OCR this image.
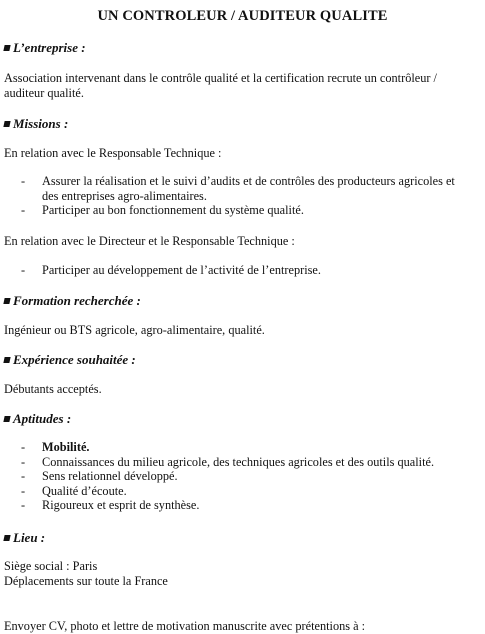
UN CONTROLEUR / AUDITEUR QUALITE
L’entreprise :
Association intervenant dans le contrôle qualité et la certification recrute un contrôleur /
auditeur qualité.
Missions :
En relation avec le Responsable Technique :
- Assurer la réalisation et le suivi d’audits et de contrôles des producteurs agricoles et
des entreprises agro-alimentaires.
- Participer au bon fonctionnement du système qualité.
En relation avec le Directeur et le Responsable Technique :
- Participer au développement de l’activité de l’entreprise.
Formation recherchée :
Ingénieur ou BTS agricole, agro-alimentaire, qualité.
Expérience souhaitée :
Débutants acceptés.
Aptitudes :
- Mobilité.
- Connaissances du milieu agricole, des techniques agricoles et des outils qualité.
- Sens relationnel développé.
- Qualité d’écoute.
- Rigoureux et esprit de synthèse.
Lieu :
Siège social : Paris
Déplacements sur toute la France
Envoyer CV, photo et lettre de motivation manuscrite avec prétentions à :
